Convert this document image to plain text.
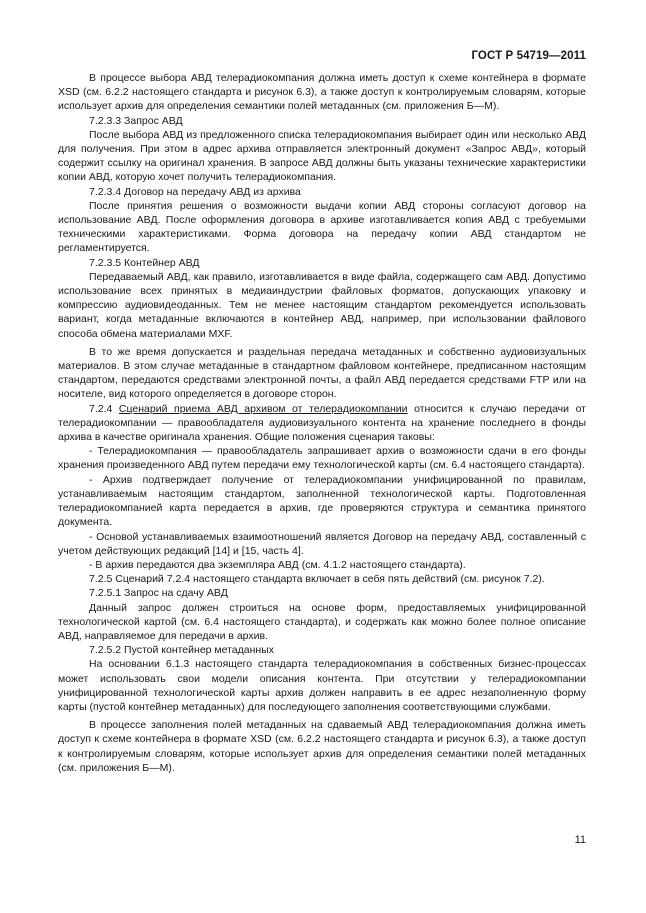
ГОСТ Р 54719—2011

В процессе выбора АВД телерадиокомпания должна иметь доступ к схеме контейнера в формате XSD (см. 6.2.2 настоящего стандарта и рисунок 6.3), а также доступ к контролируемым словарям, которые использует архив для определения семантики полей метаданных (см. приложения Б—М).

7.2.3.3 Запрос АВД

После выбора АВД из предложенного списка телерадиокомпания выбирает один или несколько АВД для получения. При этом в адрес архива отправляется электронный документ «Запрос АВД», который содержит ссылку на оригинал хранения. В запросе АВД должны быть указаны технические характеристики копии АВД, которую хочет получить телерадиокомпания.

7.2.3.4 Договор на передачу АВД из архива

После принятия решения о возможности выдачи копии АВД стороны согласуют договор на использование АВД. После оформления договора в архиве изготавливается копия АВД с требуемыми техническими характеристиками. Форма договора на передачу копии АВД стандартом не регламентируется.

7.2.3.5 Контейнер АВД

Передаваемый АВД, как правило, изготавливается в виде файла, содержащего сам АВД. Допустимо использование всех принятых в медиаиндустрии файловых форматов, допускающих упаковку и компрессию аудиовидеоданных. Тем не менее настоящим стандартом рекомендуется использовать вариант, когда метаданные включаются в контейнер АВД, например, при использовании файлового способа обмена материалами MXF.

В то же время допускается и раздельная передача метаданных и собственно аудиовизуальных материалов. В этом случае метаданные в стандартном файловом контейнере, предписанном настоящим стандартом, передаются средствами электронной почты, а файл АВД передается средствами FTP или на носителе, вид которого определяется в договоре сторон.

7.2.4 Сценарий приема АВД архивом от телерадиокомпании относится к случаю передачи от телерадиокомпании — правообладателя аудиовизуального контента на хранение последнего в фонды архива в качестве оригинала хранения. Общие положения сценария таковы:

- Телерадиокомпания — правообладатель запрашивает архив о возможности сдачи в его фонды хранения произведенного АВД путем передачи ему технологической карты (см. 6.4 настоящего стандарта).

- Архив подтверждает получение от телерадиокомпании унифицированной по правилам, устанавливаемым настоящим стандартом, заполненной технологической карты. Подготовленная телерадиокомпанией карта передается в архив, где проверяются структура и семантика принятого документа.

- Основой устанавливаемых взаимоотношений является Договор на передачу АВД, составленный с учетом действующих редакций [14] и [15, часть 4].

- В архив передаются два экземпляра АВД (см. 4.1.2 настоящего стандарта).

7.2.5 Сценарий 7.2.4 настоящего стандарта включает в себя пять действий (см. рисунок 7.2).

7.2.5.1 Запрос на сдачу АВД

Данный запрос должен строиться на основе форм, предоставляемых унифицированной технологической картой (см. 6.4 настоящего стандарта), и содержать как можно более полное описание АВД, направляемое для передачи в архив.

7.2.5.2 Пустой контейнер метаданных

На основании 6.1.3 настоящего стандарта телерадиокомпания в собственных бизнес-процессах может использовать свои модели описания контента. При отсутствии у телерадиокомпании унифицированной технологической карты архив должен направить в ее адрес незаполненную форму карты (пустой контейнер метаданных) для последующего заполнения соответствующими службами.

В процессе заполнения полей метаданных на сдаваемый АВД телерадиокомпания должна иметь доступ к схеме контейнера в формате XSD (см. 6.2.2 настоящего стандарта и рисунок 6.3), а также доступ к контролируемым словарям, которые использует архив для определения семантики полей метаданных (см. приложения Б—М).

11
